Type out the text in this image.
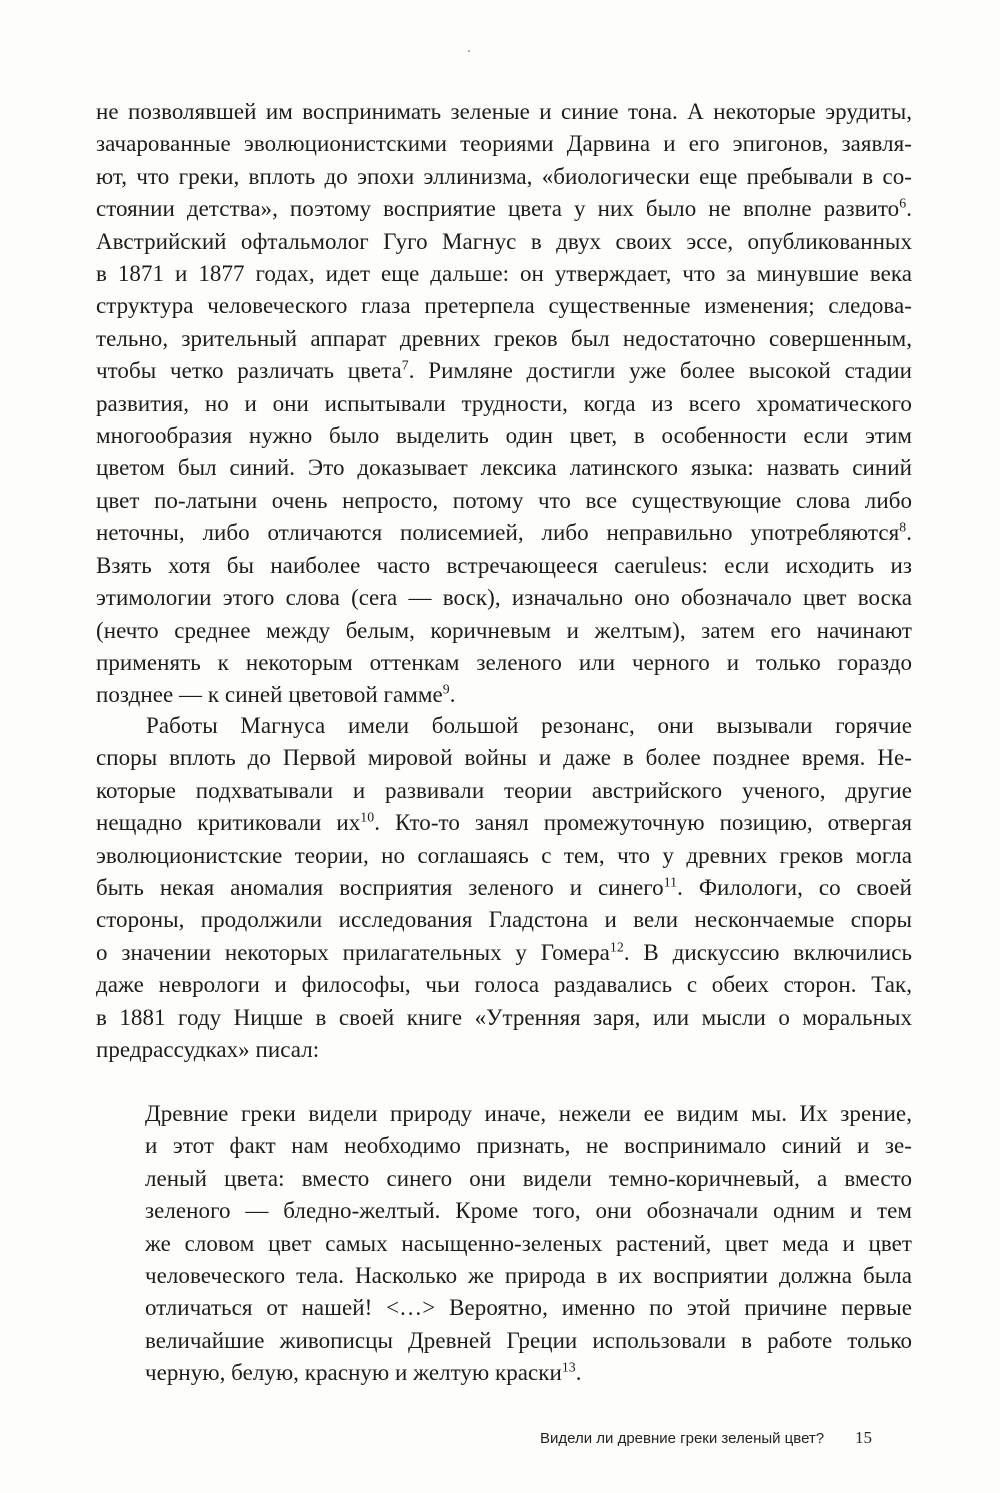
не позволявшей им воспринимать зеленые и синие тона. А некоторые эрудиты,
зачарованные эволюционистскими теориями Дарвина и его эпигонов, заявля-
ют, что греки, вплоть до эпохи эллинизма, «биологически еще пребывали в со-
стоянии детства», поэтому восприятие цвета у них было не вполне развито$^6$.
Австрийский офтальмолог Гуго Магнус в двух своих эссе, опубликованных
в 1871 и 1877 годах, идет еще дальше: он утверждает, что за минувшие века
структура человеческого глаза претерпела существенные изменения; следова-
тельно, зрительный аппарат древних греков был недостаточно совершенным,
чтобы четко различать цвета$^7$. Римляне достигли уже более высокой стадии
развития, но и они испытывали трудности, когда из всего хроматического
многообразия нужно было выделить один цвет, в особенности если этим
цветом был синий. Это доказывает лексика латинского языка: назвать синий
цвет по-латыни очень непросто, потому что все существующие слова либо
неточны, либо отличаются полисемией, либо неправильно употребляются$^8$.
Взять хотя бы наиболее часто встречающееся caeruleus: если исходить из
этимологии этого слова (cera — воск), изначально оно обозначало цвет воска
(нечто среднее между белым, коричневым и желтым), затем его начинают
применять к некоторым оттенкам зеленого или черного и только гораздо
позднее — к синей цветовой гамме$^9$.
Работы Магнуса имели большой резонанс, они вызывали горячие
споры вплоть до Первой мировой войны и даже в более позднее время. Не-
которые подхватывали и развивали теории австрийского ученого, другие
нещадно критиковали $их^{10}$. Кто-то занял промежуточную позицию, отвергая
эволюционистские теории, но соглашаясь с тем, что у древних греков могла
быть некая аномалия восприятия зеленого и синего$^{11}$. Филологи, со своей
стороны, продолжили исследования Гладстона и вели нескончаемые споры
о значении некоторых прилагательных у Гомера$^{12}$. В дискуссию включились
даже неврологи и философы, чьи голоса раздавались с обеих сторон. Так,
в 1881 году Ницше в своей книге «Утренняя заря, или мысли о моральных
предрассудках» писал:
Древние греки видели природу иначе, нежели ее видим мы. Их зрение,
и этот факт нам необходимо признать, не воспринимало синий и зе-
леный цвета: вместо синего они видели темно-коричневый, а вместо
зеленого — бледно-желтый. Кроме того, они обозначали одним и тем
же словом цвет самых насыщенно-зеленых растений, цвет меда и цвет
человеческого тела. Насколько же природа в их восприятии должна была
отличаться от нашей! <…> Вероятно, именно по этой причине первые
величайшие живописцы Древней Греции использовали в работе только
черную, белую, красную и желтую краски$^{13}$.
Видели ли древние греки зеленый цвет? 15
